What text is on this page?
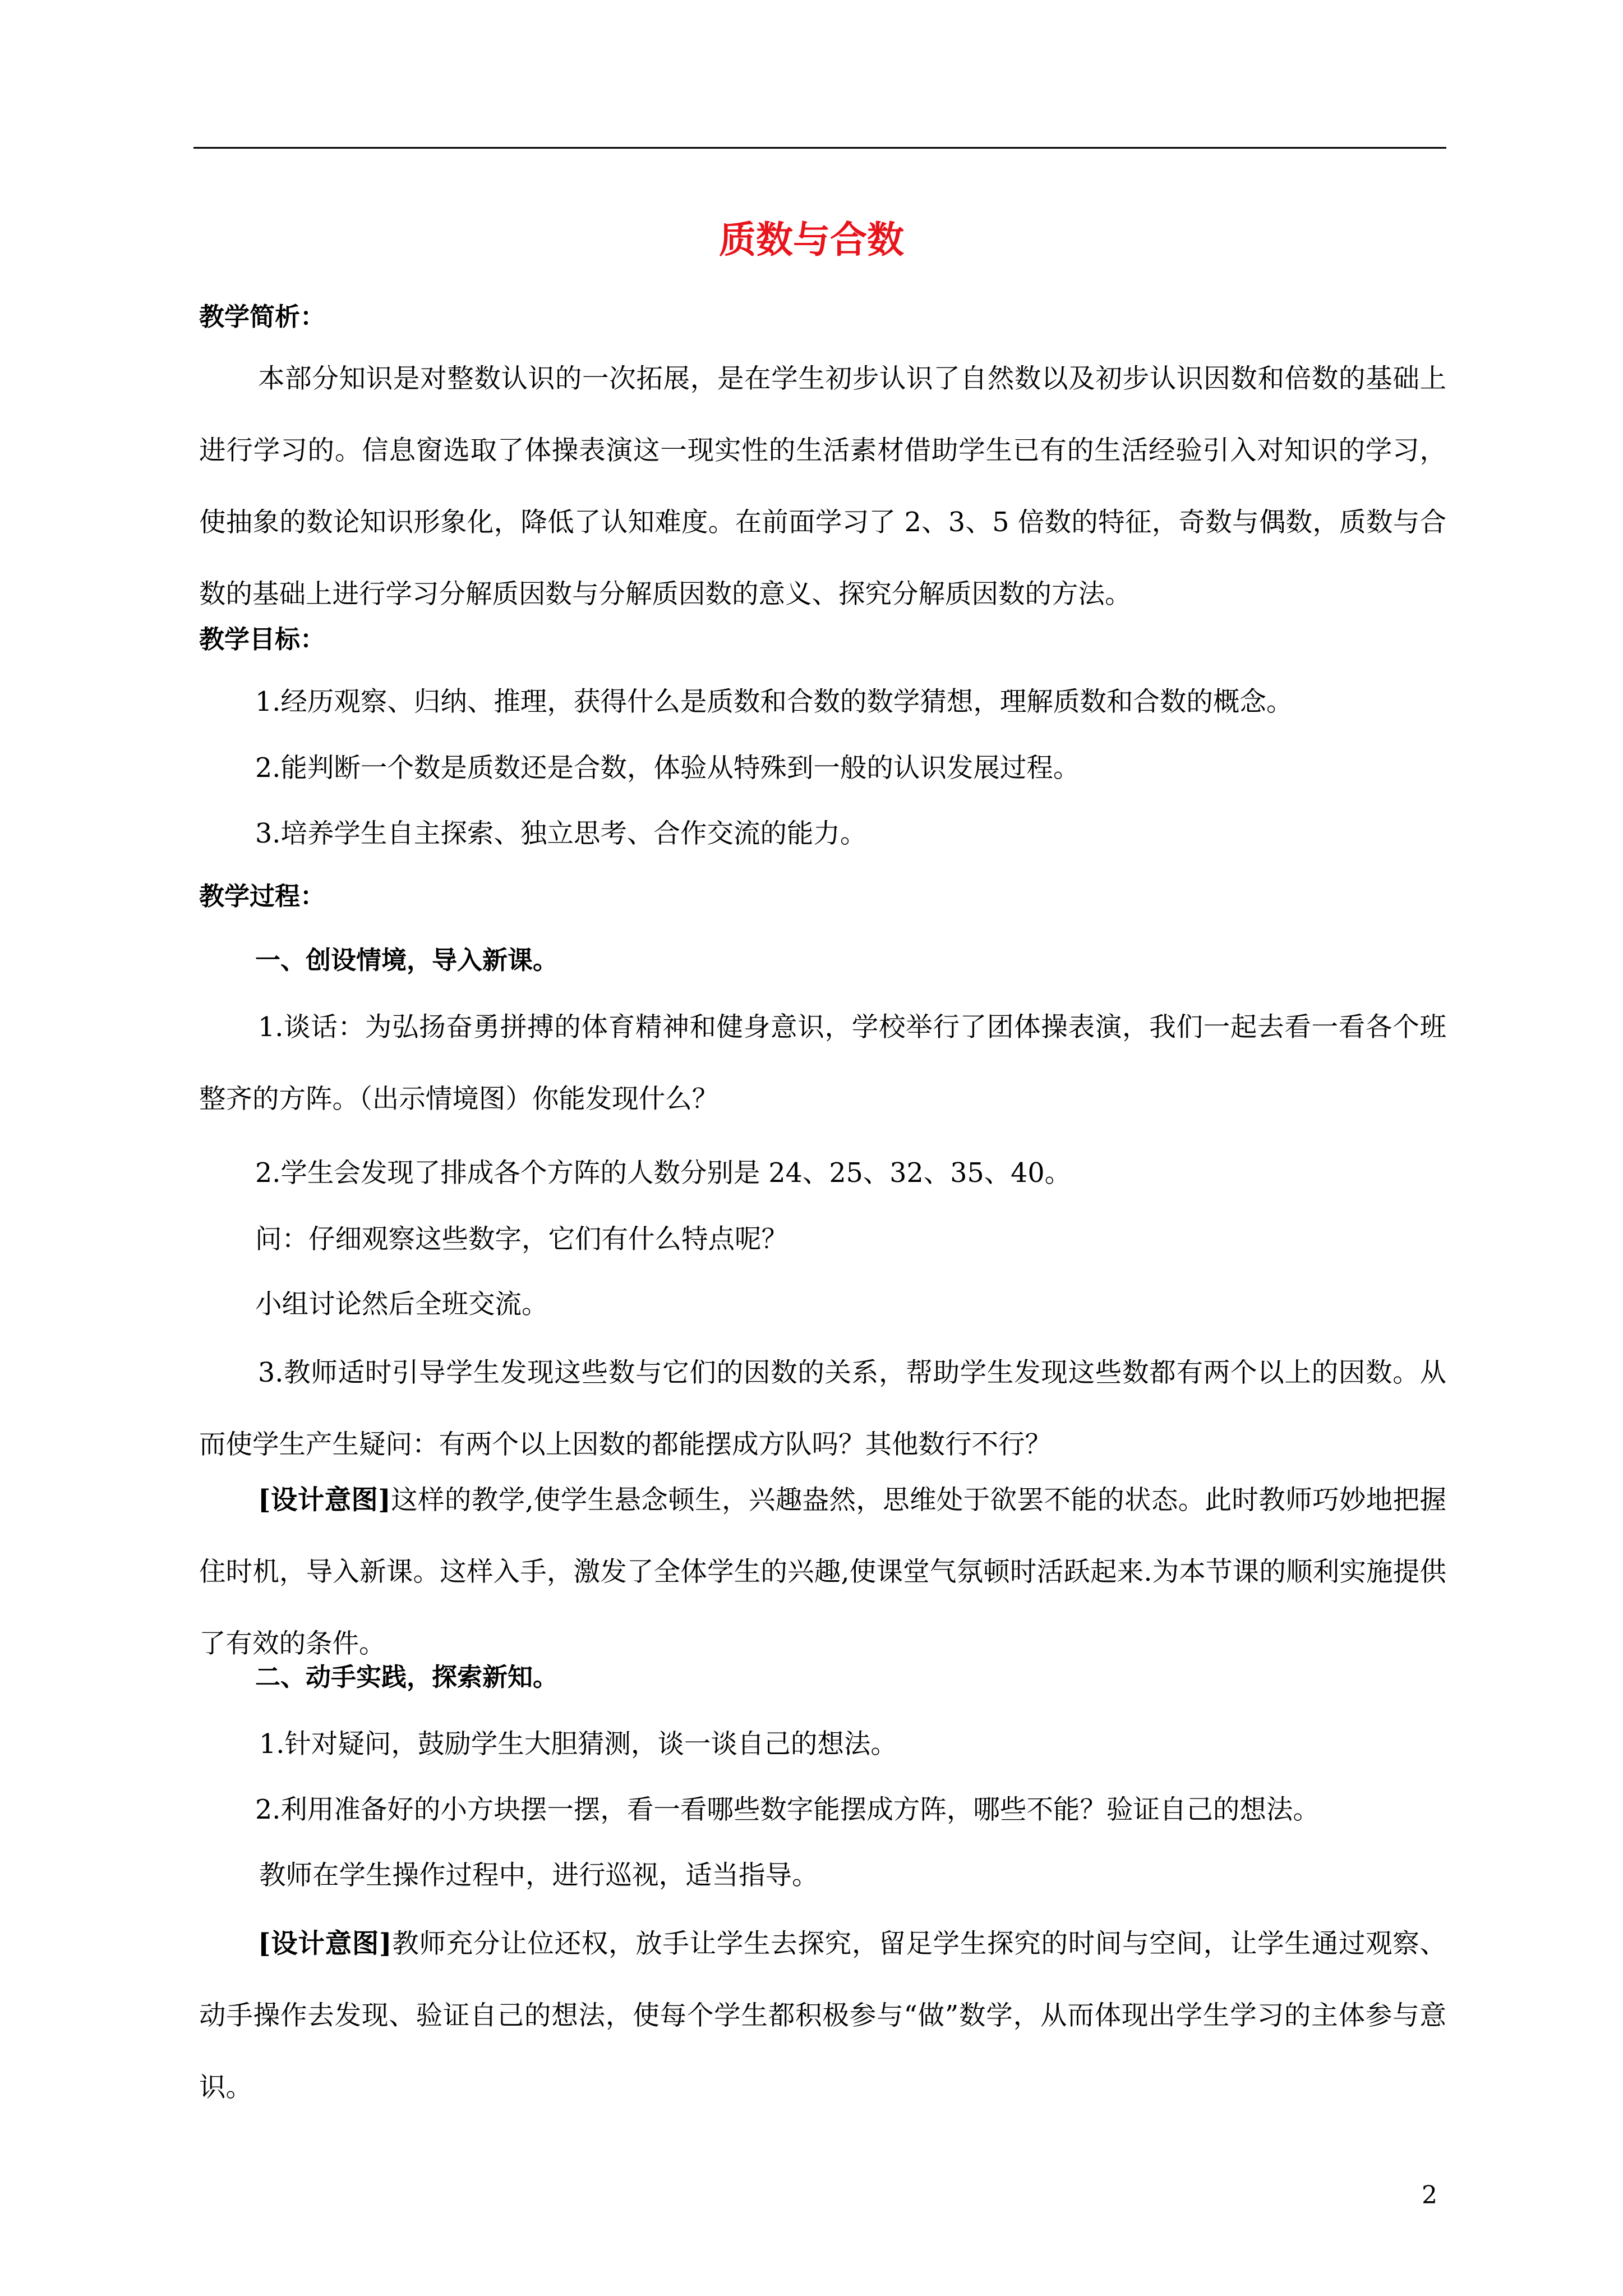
质数与合数
教学简析：
本部分知识是对整数认识的一次拓展，是在学生初步认识了自然数以及初步认识因数和倍数的基础上进行学习的。信息窗选取了体操表演这一现实性的生活素材借助学生已有的生活经验引入对知识的学习，使抽象的数论知识形象化，降低了认知难度。在前面学习了 2、3、5 倍数的特征，奇数与偶数，质数与合数的基础上进行学习分解质因数与分解质因数的意义、探究分解质因数的方法。
教学目标：
1.经历观察、归纳、推理，获得什么是质数和合数的数学猜想，理解质数和合数的概念。
2.能判断一个数是质数还是合数，体验从特殊到一般的认识发展过程。
3.培养学生自主探索、独立思考、合作交流的能力。
教学过程：
一、创设情境，导入新课。
1.谈话：为弘扬奋勇拼搏的体育精神和健身意识，学校举行了团体操表演，我们一起去看一看各个班整齐的方阵。（出示情境图）你能发现什么？
2.学生会发现了排成各个方阵的人数分别是 24、25、32、35、40。
问：仔细观察这些数字，它们有什么特点呢？
小组讨论然后全班交流。
3.教师适时引导学生发现这些数与它们的因数的关系，帮助学生发现这些数都有两个以上的因数。从而使学生产生疑问：有两个以上因数的都能摆成方队吗？其他数行不行？
[设计意图]这样的教学,使学生悬念顿生，兴趣盎然，思维处于欲罢不能的状态。此时教师巧妙地把握住时机，导入新课。这样入手，激发了全体学生的兴趣,使课堂气氛顿时活跃起来.为本节课的顺利实施提供了有效的条件。
二、动手实践，探索新知。
1.针对疑问，鼓励学生大胆猜测，谈一谈自己的想法。
2.利用准备好的小方块摆一摆，看一看哪些数字能摆成方阵，哪些不能？验证自己的想法。
教师在学生操作过程中，进行巡视，适当指导。
[设计意图]教师充分让位还权，放手让学生去探究，留足学生探究的时间与空间，让学生通过观察、动手操作去发现、验证自己的想法，使每个学生都积极参与“做”数学，从而体现出学生学习的主体参与意识。
2
